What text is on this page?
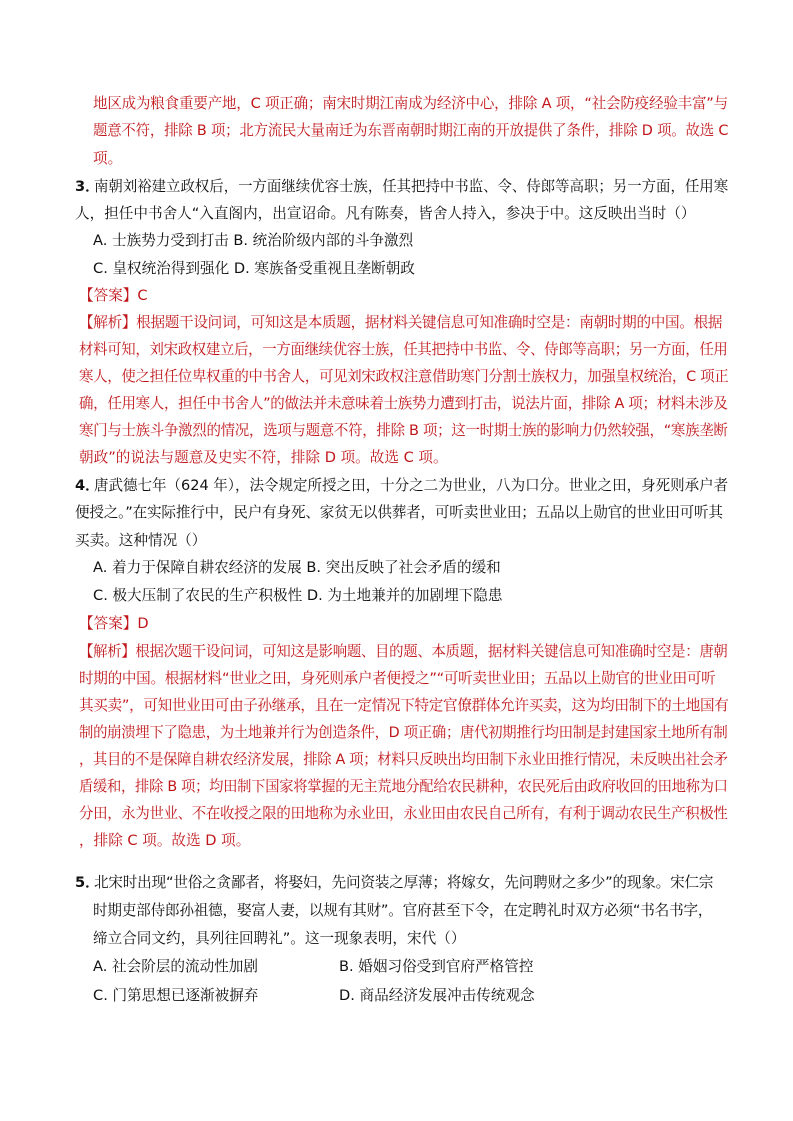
地区成为粮食重要产地，C 项正确；南宋时期江南成为经济中心，排除 A 项，“社会防疫经验丰富”与
题意不符，排除 B 项；北方流民大量南迁为东晋南朝时期江南的开放提供了条件，排除 D 项。故选 C
项。
3．
南朝刘裕建立政权后，一方面继续优容士族，任其把持中书监、令、侍郎等高职；另一方面，任用寒
人，担任中书舍人“入直阁内，出宣诏命。凡有陈奏，皆舍人持入，参决于中。这反映出当时（）
A. 士族势力受到打击 B. 统治阶级内部的斗争激烈
C. 皇权统治得到强化 D. 寒族备受重视且垄断朝政
【答案】C
【解析】根据题干设问词，可知这是本质题，据材料关键信息可知准确时空是：南朝时期的中国。根据
材料可知，刘宋政权建立后，一方面继续优容士族，任其把持中书监、令、侍郎等高职；另一方面，任用
寒人，使之担任位卑权重的中书舍人，可见刘宋政权注意借助寒门分割士族权力，加强皇权统治，C 项正
确，任用寒人，担任中书舍人”的做法并未意味着士族势力遭到打击，说法片面，排除 A 项；材料未涉及
寒门与士族斗争激烈的情况，选项与题意不符，排除 B 项；这一时期士族的影响力仍然较强，“寒族垄断
朝政”的说法与题意及史实不符，排除 D 项。故选 C 项。
4．
唐武德七年（624 年），法令规定所授之田，十分之二为世业，八为口分。世业之田，身死则承户者
便授之。”在实际推行中，民户有身死、家贫无以供葬者，可听卖世业田；五品以上勋官的世业田可听其
买卖。这种情况（）
A. 着力于保障自耕农经济的发展 B. 突出反映了社会矛盾的缓和
C. 极大压制了农民的生产积极性 D. 为土地兼并的加剧埋下隐患
【答案】D
【解析】根据次题干设问词，可知这是影响题、目的题、本质题，据材料关键信息可知准确时空是：唐朝
时期的中国。根据材料“世业之田，身死则承户者便授之”“可听卖世业田；五品以上勋官的世业田可听
其买卖”，可知世业田可由子孙继承，且在一定情况下特定官僚群体允许买卖，这为均田制下的土地国有
制的崩溃埋下了隐患，为土地兼并行为创造条件，D 项正确；唐代初期推行均田制是封建国家土地所有制
，其目的不是保障自耕农经济发展，排除 A 项；材料只反映出均田制下永业田推行情况，未反映出社会矛
盾缓和，排除 B 项；均田制下国家将掌握的无主荒地分配给农民耕种，农民死后由政府收回的田地称为口
分田，永为世业、不在收授之限的田地称为永业田，永业田由农民自己所有，有利于调动农民生产积极性
，排除 C 项。故选 D 项。
5．
北宋时出现“世俗之贪鄙者，将娶妇，先问资装之厚薄；将嫁女，先问聘财之多少”的现象。宋仁宗
时期吏部侍郎孙祖德，娶富人妻，以规有其财”。官府甚至下令，在定聘礼时双方必须“书名书字，
缔立合同文约，具列往回聘礼”。这一现象表明，宋代（）
A. 社会阶层的流动性加剧	B. 婚姻习俗受到官府严格管控
C. 门第思想已逐渐被摒弃	D. 商品经济发展冲击传统观念
